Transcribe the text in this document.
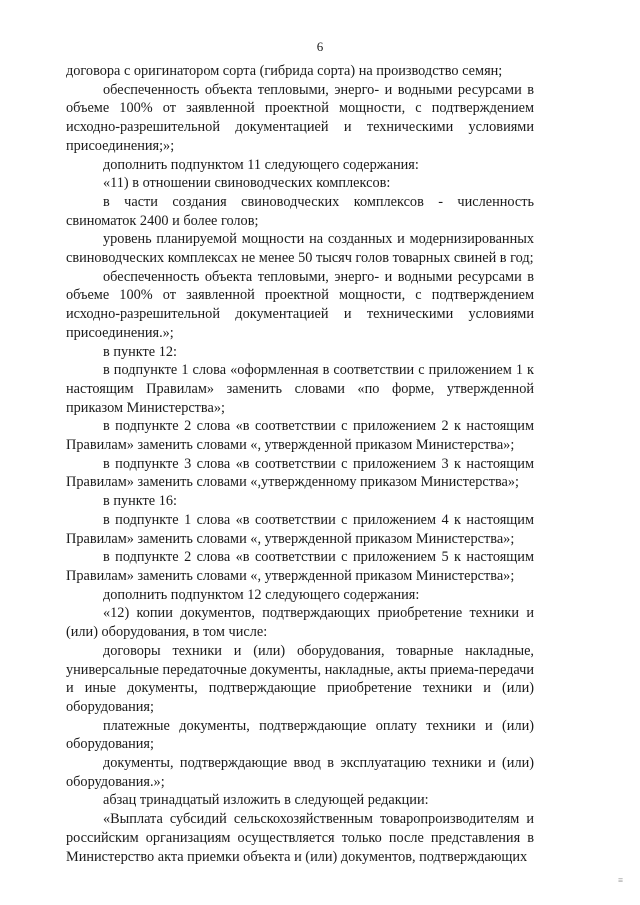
6

договора с оригинатором сорта (гибрида сорта) на производство семян;

обеспеченность объекта тепловыми, энерго- и водными ресурсами в объеме 100% от заявленной проектной мощности, с подтверждением исходно-разрешительной документацией и техническими условиями присоединения;»;

дополнить подпунктом 11 следующего содержания:

«11) в отношении свиноводческих комплексов:

в части создания свиноводческих комплексов - численность свиноматок 2400 и более голов;

уровень планируемой мощности на созданных и модернизированных свиноводческих комплексах не менее 50 тысяч голов товарных свиней в год;

обеспеченность объекта тепловыми, энерго- и водными ресурсами в объеме 100% от заявленной проектной мощности, с подтверждением исходно-разрешительной документацией и техническими условиями присоединения.»;

в пункте 12:

в подпункте 1 слова «оформленная в соответствии с приложением 1 к настоящим Правилам» заменить словами «по форме, утвержденной приказом Министерства»;

в подпункте 2 слова «в соответствии с приложением 2 к настоящим Правилам» заменить словами «, утвержденной приказом Министерства»;

в подпункте 3 слова «в соответствии с приложением 3 к настоящим Правилам» заменить словами «,утвержденному приказом Министерства»;

в пункте 16:

в подпункте 1 слова «в соответствии с приложением 4 к настоящим Правилам» заменить словами «, утвержденной приказом Министерства»;

в подпункте 2 слова «в соответствии с приложением 5 к настоящим Правилам» заменить словами «, утвержденной приказом Министерства»;

дополнить подпунктом 12 следующего содержания:

«12) копии документов, подтверждающих приобретение техники и (или) оборудования, в том числе:

договоры техники и (или) оборудования, товарные накладные, универсальные передаточные документы, накладные, акты приема-передачи и иные документы, подтверждающие приобретение техники и (или) оборудования;

платежные документы, подтверждающие оплату техники и (или) оборудования;

документы, подтверждающие ввод в эксплуатацию техники и (или) оборудования.»;

абзац тринадцатый изложить в следующей редакции:

«Выплата субсидий сельскохозяйственным товаропроизводителям и российским организациям осуществляется только после представления в Министерство акта приемки объекта и (или) документов, подтверждающих

≡
